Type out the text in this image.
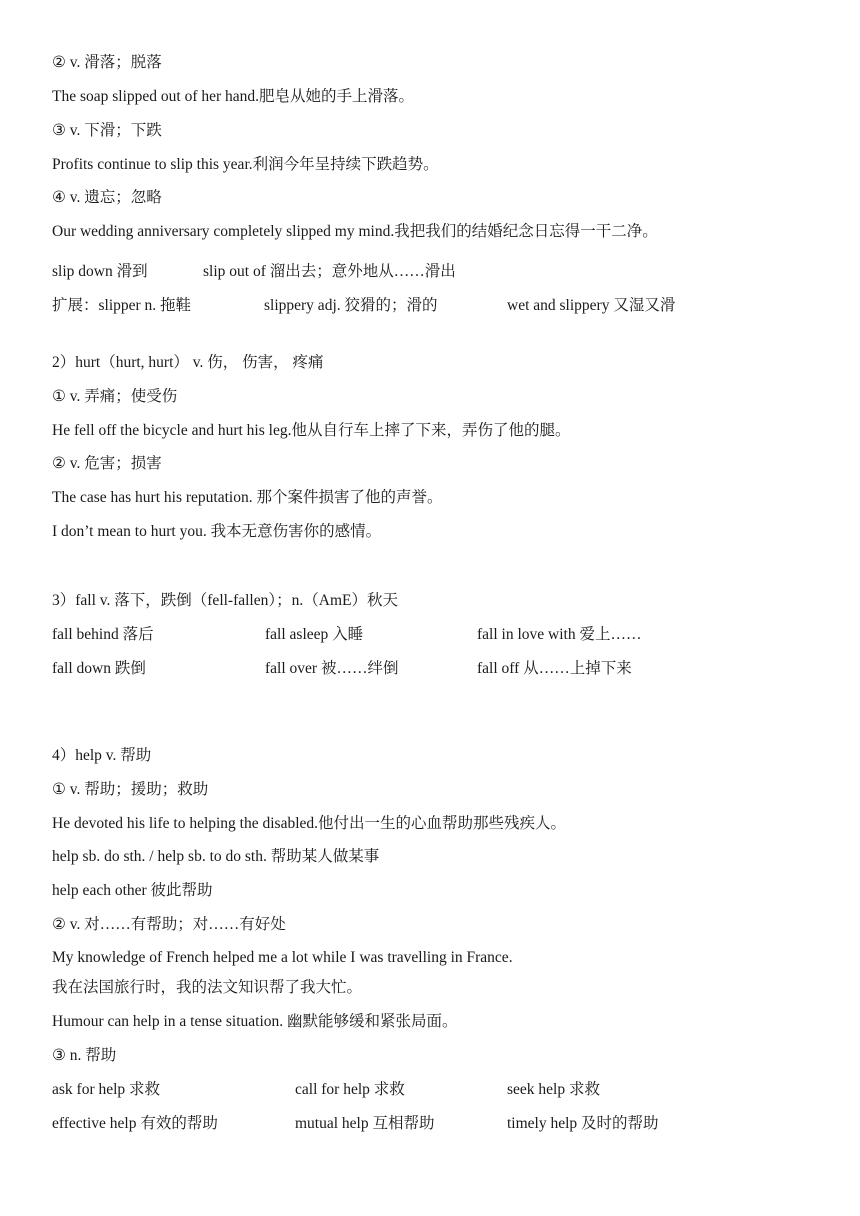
② v. 滑落；脱落
The soap slipped out of her hand.肥皂从她的手上滑落。
③ v. 下滑；下跌
Profits continue to slip this year.利润今年呈持续下跌趋势。
④ v. 遗忘；忽略
Our wedding anniversary completely slipped my mind.我把我们的结婚纪念日忘得一干二净。
slip down 滑到	slip out of 溜出去；意外地从……滑出
扩展：slipper n. 拖鞋	slippery adj. 狡猾的；滑的	wet and slippery 又湿又滑
2）hurt（hurt, hurt） v. 伤， 伤害， 疼痛
① v. 弄痛；使受伤
He fell off the bicycle and hurt his leg.他从自行车上摔了下来，弄伤了他的腿。
② v. 危害；损害
The case has hurt his reputation. 那个案件损害了他的声誉。
I don’t mean to hurt you. 我本无意伤害你的感情。
3）fall v. 落下，跌倒（fell-fallen）；n.（AmE）秋天
fall behind 落后	fall asleep 入睡	fall in love with 爱上……
fall down 跌倒	fall over 被……绊倒	fall off 从……上掉下来
4）help v. 帮助
① v. 帮助；援助；救助
He devoted his life to helping the disabled.他付出一生的心血帮助那些残疾人。
help sb. do sth. / help sb. to do sth. 帮助某人做某事
help each other 彼此帮助
② v. 对……有帮助；对……有好处
My knowledge of French helped me a lot while I was travelling in France.
我在法国旅行时，我的法文知识帮了我大忙。
Humour can help in a tense situation. 幽默能够缓和紧张局面。
③ n. 帮助
ask for help 求救	call for help 求救	seek help 求救
effective help 有效的帮助	mutual help 互相帮助	timely help 及时的帮助
